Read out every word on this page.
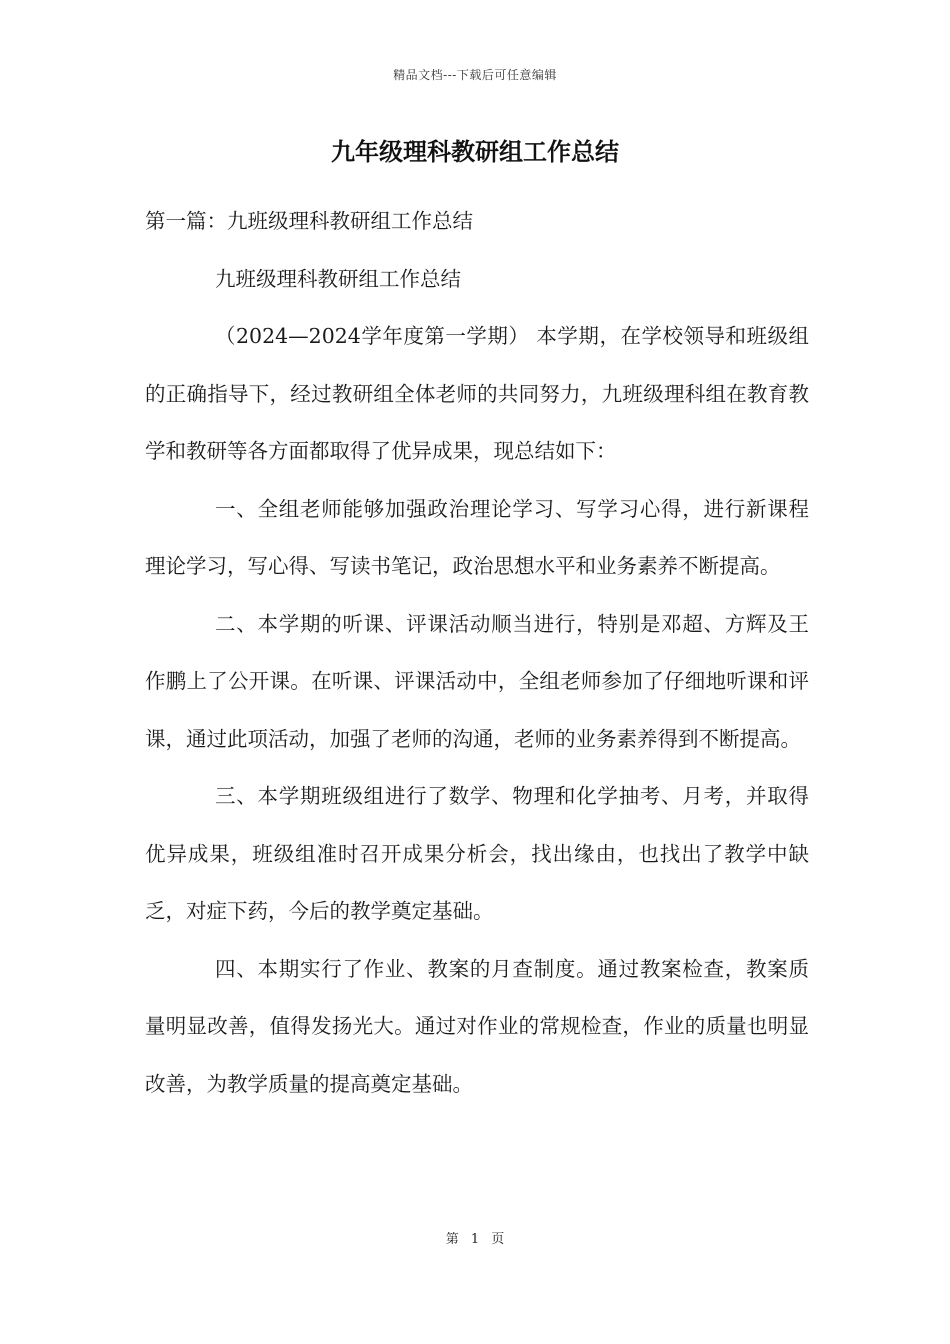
精品文档---下载后可任意编辑
九年级理科教研组工作总结

第一篇：九班级理科教研组工作总结

九班级理科教研组工作总结

（2024—2024学年度第一学期） 本学期，在学校领导和班级组的正确指导下，经过教研组全体老师的共同努力，九班级理科组在教育教学和教研等各方面都取得了优异成果，现总结如下：

一、全组老师能够加强政治理论学习、写学习心得，进行新课程理论学习，写心得、写读书笔记，政治思想水平和业务素养不断提高。

二、本学期的听课、评课活动顺当进行，特别是邓超、方辉及王作鹏上了公开课。在听课、评课活动中，全组老师参加了仔细地听课和评课，通过此项活动，加强了老师的沟通，老师的业务素养得到不断提高。

三、本学期班级组进行了数学、物理和化学抽考、月考，并取得优异成果，班级组准时召开成果分析会，找出缘由，也找出了教学中缺乏，对症下药，今后的教学奠定基础。

四、本期实行了作业、教案的月查制度。通过教案检查，教案质量明显改善，值得发扬光大。通过对作业的常规检查，作业的质量也明显改善，为教学质量的提高奠定基础。

第 1 页
